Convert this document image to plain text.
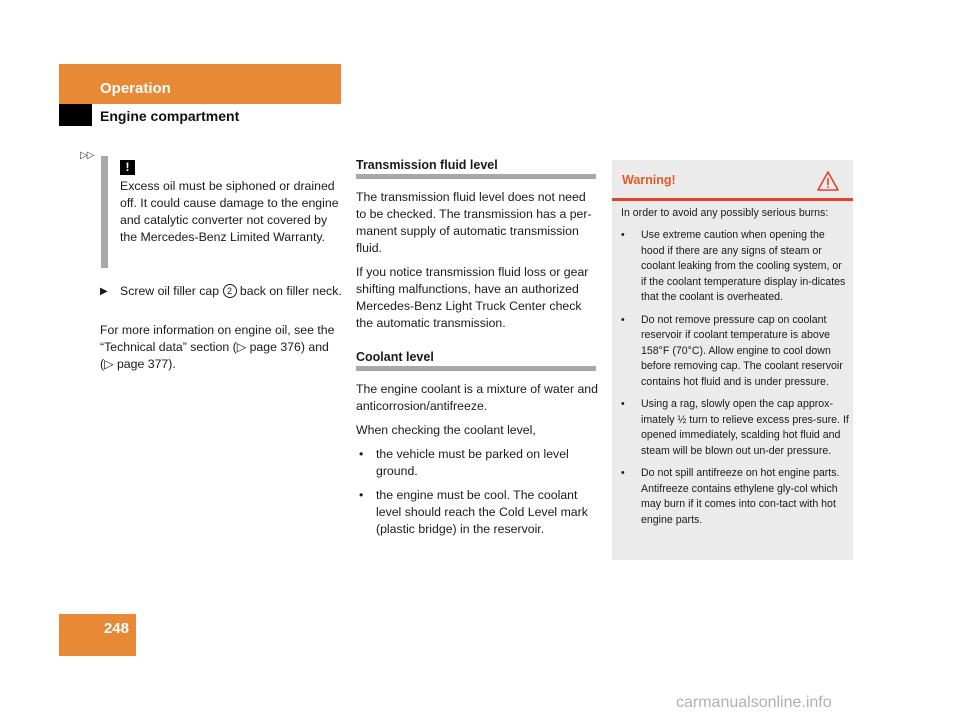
Operation
Engine compartment
▷▷
!
Excess oil must be siphoned or drained off. It could cause damage to the engine and catalytic converter not covered by the Mercedes-Benz Limited Warranty.
▶ Screw oil filler cap 2 back on filler neck.
For more information on engine oil, see the “Technical data” section (▷ page 376) and (▷ page 377).
Transmission fluid level
The transmission fluid level does not need to be checked. The transmission has a per-manent supply of automatic transmission fluid.
If you notice transmission fluid loss or gear shifting malfunctions, have an authorized Mercedes-Benz Light Truck Center check the automatic transmission.
Coolant level
The engine coolant is a mixture of water and anticorrosion/antifreeze.
When checking the coolant level,
• the vehicle must be parked on level ground.
• the engine must be cool. The coolant level should reach the Cold Level mark (plastic bridge) in the reservoir.
Warning!
In order to avoid any possibly serious burns:
• Use extreme caution when opening the hood if there are any signs of steam or coolant leaking from the cooling system, or if the coolant temperature display in-dicates that the coolant is overheated.
• Do not remove pressure cap on coolant reservoir if coolant temperature is above 158°F (70°C). Allow engine to cool down before removing cap. The coolant reservoir contains hot fluid and is under pressure.
• Using a rag, slowly open the cap approx-imately ½ turn to relieve excess pres-sure. If opened immediately, scalding hot fluid and steam will be blown out un-der pressure.
• Do not spill antifreeze on hot engine parts. Antifreeze contains ethylene gly-col which may burn if it comes into con-tact with hot engine parts.
248
carmanualsonline.info
